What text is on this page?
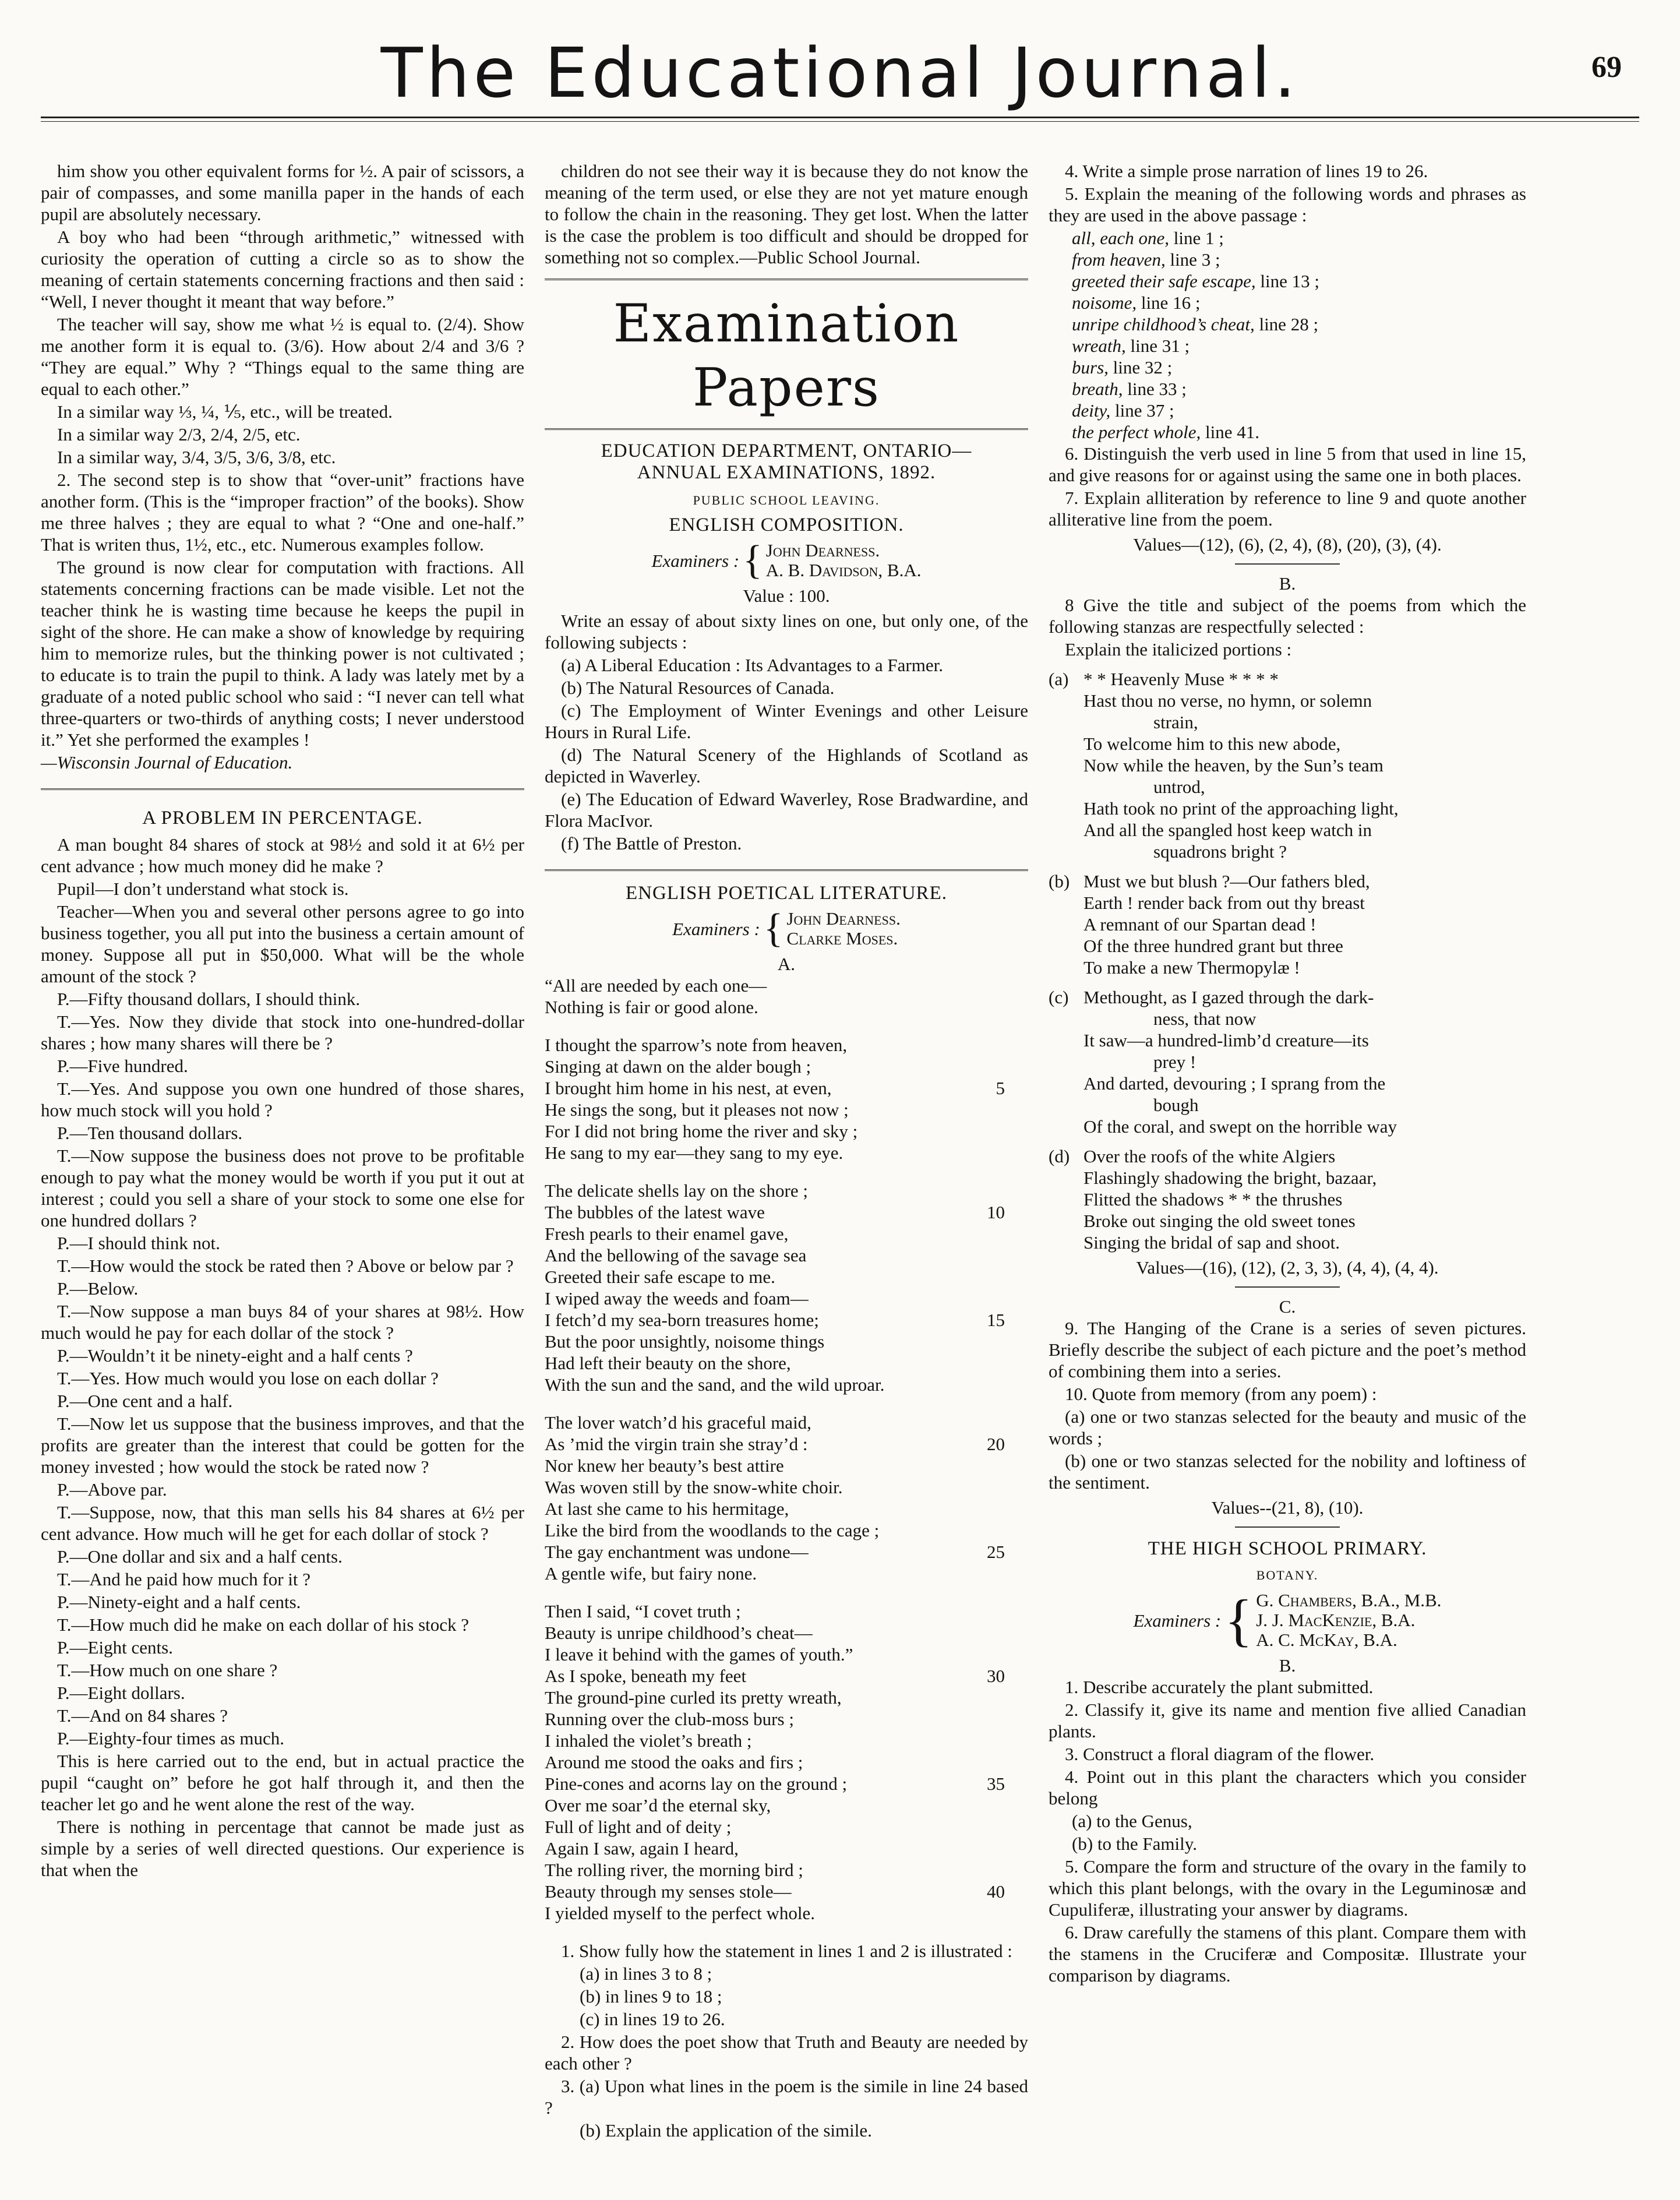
The Educational Journal.	69

him show you other equivalent forms for ½. A pair of scissors, a pair of compasses, and some manilla paper in the hands of each pupil are absolutely necessary.

A boy who had been “through arithmetic,” witnessed with curiosity the operation of cutting a circle so as to show the meaning of certain statements concerning fractions and then said : “Well, I never thought it meant that way before.”

The teacher will say, show me what ½ is equal to. (2/4). Show me another form it is equal to. (3/6). How about 2/4 and 3/6 ? “They are equal.” Why ? “Things equal to the same thing are equal to each other.”

In a similar way ⅓, ¼, ⅕, etc., will be treated.

In a similar way 2/3, 2/4, 2/5, etc.

In a similar way, 3/4, 3/5, 3/6, 3/8, etc.

2. The second step is to show that “over-unit” fractions have another form. (This is the “improper fraction” of the books). Show me three halves ; they are equal to what ? “One and one-half.” That is writen thus, 1½, etc., etc. Numerous examples follow.

The ground is now clear for computation with fractions. All statements concerning fractions can be made visible. Let not the teacher think he is wasting time because he keeps the pupil in sight of the shore. He can make a show of knowledge by requiring him to memorize rules, but the thinking power is not cultivated ; to educate is to train the pupil to think. A lady was lately met by a graduate of a noted public school who said : “I never can tell what three-quarters or two-thirds of anything costs; I never understood it.” Yet she performed the examples !

—Wisconsin Journal of Education.

A PROBLEM IN PERCENTAGE.

A man bought 84 shares of stock at 98½ and sold it at 6½ per cent advance ; how much money did he make ?

Pupil—I don’t understand what stock is.

Teacher—When you and several other persons agree to go into business together, you all put into the business a certain amount of money. Suppose all put in $50,000. What will be the whole amount of the stock ?

P.—Fifty thousand dollars, I should think.

T.—Yes. Now they divide that stock into one-hundred-dollar shares ; how many shares will there be ?

P.—Five hundred.

T.—Yes. And suppose you own one hundred of those shares, how much stock will you hold ?

P.—Ten thousand dollars.

T.—Now suppose the business does not prove to be profitable enough to pay what the money would be worth if you put it out at interest ; could you sell a share of your stock to some one else for one hundred dollars ?

P.—I should think not.

T.—How would the stock be rated then ? Above or below par ?

P.—Below.

T.—Now suppose a man buys 84 of your shares at 98½. How much would he pay for each dollar of the stock ?

P.—Wouldn’t it be ninety-eight and a half cents ?

T.—Yes. How much would you lose on each dollar ?

P.—One cent and a half.

T.—Now let us suppose that the business improves, and that the profits are greater than the interest that could be gotten for the money invested ; how would the stock be rated now ?

P.—Above par.

T.—Suppose, now, that this man sells his 84 shares at 6½ per cent advance. How much will he get for each dollar of stock ?

P.—One dollar and six and a half cents.

T.—And he paid how much for it ?

P.—Ninety-eight and a half cents.

T.—How much did he make on each dollar of his stock ?

P.—Eight cents.

T.—How much on one share ?

P.—Eight dollars.

T.—And on 84 shares ?

P.—Eighty-four times as much.

This is here carried out to the end, but in actual practice the pupil “caught on” before he got half through it, and then the teacher let go and he went alone the rest of the way.

There is nothing in percentage that cannot be made just as simple by a series of well directed questions. Our experience is that when the

children do not see their way it is because they do not know the meaning of the term used, or else they are not yet mature enough to follow the chain in the reasoning. They get lost. When the latter is the case the problem is too difficult and should be dropped for something not so complex.—Public School Journal.

Examination Papers
EDUCATION DEPARTMENT, ONTARIO—
ANNUAL EXAMINATIONS, 1892.
PUBLIC SCHOOL LEAVING.
ENGLISH COMPOSITION.
Examiners : { John Dearness.
A. B. Davidson, B.A.
Value : 100.

Write an essay of about sixty lines on one, but only one, of the following subjects :

(a) A Liberal Education : Its Advantages to a Farmer.

(b) The Natural Resources of Canada.

(c) The Employment of Winter Evenings and other Leisure Hours in Rural Life.

(d) The Natural Scenery of the Highlands of Scotland as depicted in Waverley.

(e) The Education of Edward Waverley, Rose Bradwardine, and Flora MacIvor.

(f) The Battle of Preston.

ENGLISH POETICAL LITERATURE.
Examiners : { John Dearness.
Clarke Moses.
A.
“All are needed by each one—
Nothing is fair or good alone.
I thought the sparrow’s note from heaven,
Singing at dawn on the alder bough ;
I brought him home in his nest, at even,	5
He sings the song, but it pleases not now ;
For I did not bring home the river and sky ;
He sang to my ear—they sang to my eye.
The delicate shells lay on the shore ;
The bubbles of the latest wave	10
Fresh pearls to their enamel gave,
And the bellowing of the savage sea
Greeted their safe escape to me.
I wiped away the weeds and foam—
I fetch’d my sea-born treasures home;	15
But the poor unsightly, noisome things
Had left their beauty on the shore,
With the sun and the sand, and the wild uproar.
The lover watch’d his graceful maid,
As ’mid the virgin train she stray’d :	20
Nor knew her beauty’s best attire
Was woven still by the snow-white choir.
At last she came to his hermitage,
Like the bird from the woodlands to the cage ;
The gay enchantment was undone—	25
A gentle wife, but fairy none.
Then I said, “I covet truth ;
Beauty is unripe childhood’s cheat—
I leave it behind with the games of youth.”
As I spoke, beneath my feet	30
The ground-pine curled its pretty wreath,
Running over the club-moss burs ;
I inhaled the violet’s breath ;
Around me stood the oaks and firs ;
Pine-cones and acorns lay on the ground ;	35
Over me soar’d the eternal sky,
Full of light and of deity ;
Again I saw, again I heard,
The rolling river, the morning bird ;
Beauty through my senses stole—	40
I yielded myself to the perfect whole.

1. Show fully how the statement in lines 1 and 2 is illustrated :

(a) in lines 3 to 8 ;

(b) in lines 9 to 18 ;

(c) in lines 19 to 26.

2. How does the poet show that Truth and Beauty are needed by each other ?

3. (a) Upon what lines in the poem is the simile in line 24 based ?

(b) Explain the application of the simile.

4. Write a simple prose narration of lines 19 to 26.

5. Explain the meaning of the following words and phrases as they are used in the above passage :

all, each one, line 1 ;
from heaven, line 3 ;
greeted their safe escape, line 13 ;
noisome, line 16 ;
unripe childhood’s cheat, line 28 ;
wreath, line 31 ;
burs, line 32 ;
breath, line 33 ;
deity, line 37 ;
the perfect whole, line 41.

6. Distinguish the verb used in line 5 from that used in line 15, and give reasons for or against using the same one in both places.

7. Explain alliteration by reference to line 9 and quote another alliterative line from the poem.

Values—(12), (6), (2, 4), (8), (20), (3), (4).
B.

8 Give the title and subject of the poems from which the following stanzas are respectfully selected :

Explain the italicized portions :

(a) * * Heavenly Muse * * * *
Hast thou no verse, no hymn, or solemn
strain,
To welcome him to this new abode,
Now while the heaven, by the Sun’s team
untrod,
Hath took no print of the approaching light,
And all the spangled host keep watch in
squadrons bright ?
(b) Must we but blush ?—Our fathers bled,
Earth ! render back from out thy breast
A remnant of our Spartan dead !
Of the three hundred grant but three
To make a new Thermopylæ !
(c) Methought, as I gazed through the dark-
ness, that now
It saw—a hundred-limb’d creature—its
prey !
And darted, devouring ; I sprang from the
bough
Of the coral, and swept on the horrible way
(d) Over the roofs of the white Algiers
Flashingly shadowing the bright, bazaar,
Flitted the shadows * * the thrushes
Broke out singing the old sweet tones
Singing the bridal of sap and shoot.
Values—(16), (12), (2, 3, 3), (4, 4), (4, 4).
C.

9. The Hanging of the Crane is a series of seven pictures. Briefly describe the subject of each picture and the poet’s method of combining them into a series.

10. Quote from memory (from any poem) :

(a) one or two stanzas selected for the beauty and music of the words ;

(b) one or two stanzas selected for the nobility and loftiness of the sentiment.

Values--(21, 8), (10).
THE HIGH SCHOOL PRIMARY.
BOTANY.
Examiners : { G. Chambers, B.A., M.B.
J. J. MacKenzie, B.A.
A. C. McKay, B.A.
B.

1. Describe accurately the plant submitted.

2. Classify it, give its name and mention five allied Canadian plants.

3. Construct a floral diagram of the flower.

4. Point out in this plant the characters which you consider belong

(a) to the Genus,

(b) to the Family.

5. Compare the form and structure of the ovary in the family to which this plant belongs, with the ovary in the Leguminosæ and Cupuliferæ, illustrating your answer by diagrams.

6. Draw carefully the stamens of this plant. Compare them with the stamens in the Cruciferæ and Compositæ. Illustrate your comparison by diagrams.
